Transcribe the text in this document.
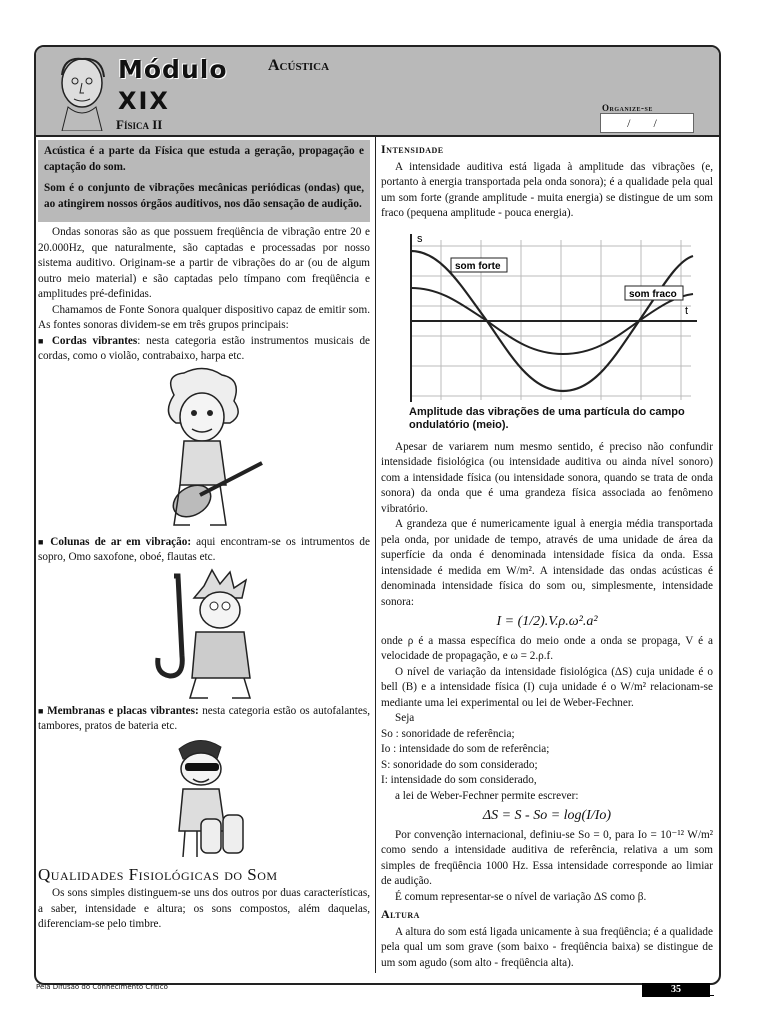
Módulo
XIX
Física II
Acústica
Organize-se
/ /

Acústica é a parte da Física que estuda a geração, propagação e captação do som.

Som é o conjunto de vibrações mecânicas periódicas (ondas) que, ao atingirem nossos órgãos auditivos, nos dão sensação de audição.

Ondas sonoras são as que possuem freqüência de vibração entre 20 e 20.000Hz, que naturalmente, são captadas e processadas por nosso sistema auditivo. Originam-se a partir de vibrações do ar (ou de algum outro meio material) e são captadas pelo tímpano com freqüência e amplitudes pré-definidas.

Chamamos de Fonte Sonora qualquer dispositivo capaz de emitir som. As fontes sonoras dividem-se em três grupos principais:

■ Cordas vibrantes: nesta categoria estão instrumentos musicais de cordas, como o violão, contrabaixo, harpa etc.

■ Colunas de ar em vibração: aqui encontram-se os intrumentos de sopro, Omo saxofone, oboé, flautas etc.

■ Membranas e placas vibrantes: nesta categoria estão os autofalantes, tambores, pratos de bateria etc.

Qualidades Fisiológicas do Som

Os sons simples distinguem-se uns dos outros por duas características, a saber, intensidade e altura; os sons compostos, além daquelas, diferenciam-se pelo timbre.

Intensidade

A intensidade auditiva está ligada à amplitude das vibrações (e, portanto à energia transportada pela onda sonora); é a qualidade pela qual um som forte (grande amplitude - muita energia) se distingue de um som fraco (pequena amplitude - pouca energia).

s
t
som forte
som fraco
Amplitude das vibrações de uma partícula do campo ondulatório (meio).

Apesar de variarem num mesmo sentido, é preciso não confundir intensidade fisiológica (ou intensidade auditiva ou ainda nível sonoro) com a intensidade física (ou intensidade sonora, quando se trata de onda sonora) da onda que é uma grandeza física associada ao fenômeno vibratório.

A grandeza que é numericamente igual à energia média transportada pela onda, por unidade de tempo, através de uma unidade de área da superfície da onda é denominada intensidade física da onda. Essa intensidade é medida em W/m². A intensidade das ondas acústicas é denominada intensidade física do som ou, simplesmente, intensidade sonora:

I = (1/2).V.ρ.ω².a²

onde ρ é a massa específica do meio onde a onda se propaga, V é a velocidade de propagação, e ω = 2.ρ.f.

O nível de variação da intensidade fisiológica (ΔS) cuja unidade é o bell (B) e a intensidade física (I) cuja unidade é o W/m² relacionam-se mediante uma lei experimental ou lei de Weber-Fechner.

Seja

So : sonoridade de referência;

Io : intensidade do som de referência;

S: sonoridade do som considerado;

I: intensidade do som considerado,

a lei de Weber-Fechner permite escrever:

ΔS = S - So = log(I/Io)

Por convenção internacional, definiu-se So = 0, para Io = 10⁻¹² W/m² como sendo a intensidade auditiva de referência, relativa a um som simples de freqüência 1000 Hz. Essa intensidade corresponde ao limiar de audição.

É comum representar-se o nível de variação ΔS como β.

Altura

A altura do som está ligada unicamente à sua freqüência; é a qualidade pela qual um som grave (som baixo - freqüência baixa) se distingue de um som agudo (som alto - freqüência alta).

Pela Difusão do Conhecimento Crítico	35
